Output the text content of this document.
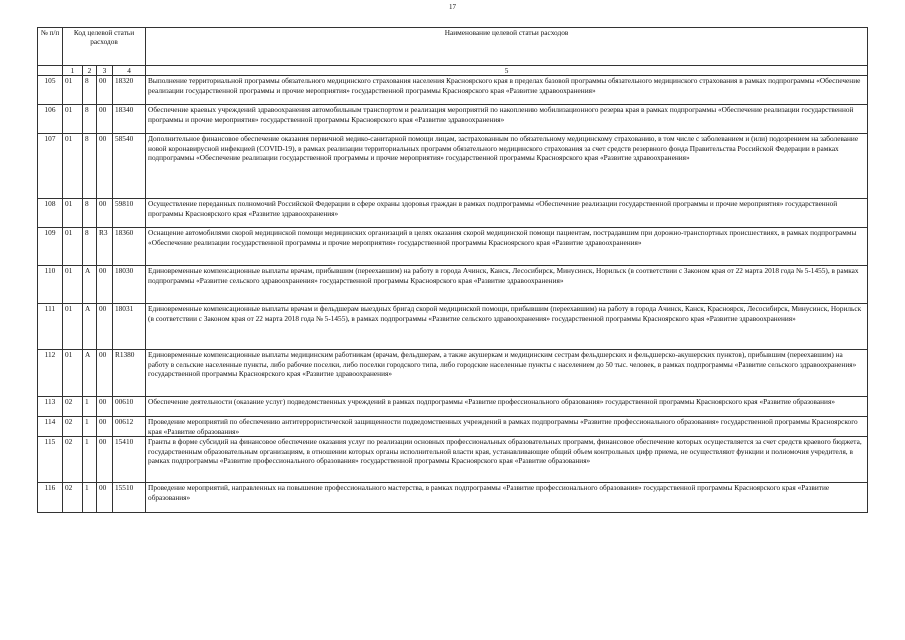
17
№ п/п	Код целевой статьи расходов				Наименование целевой статьи расходов
	1	2	3	4	5
105	01	8	00	18320	Выполнение территориальной программы обязательного медицинского страхования населения Красноярского края в пределах базовой программы обязательного медицинского страхования в рамках подпрограммы «Обеспечение реализации государственной программы и прочие мероприятия» государственной программы Красноярского края «Развитие здравоохранения»
106	01	8	00	18340	Обеспечение краевых учреждений здравоохранения автомобильным транспортом и реализация мероприятий по накоплению мобилизационного резерва края в рамках подпрограммы «Обеспечение реализации государственной программы и прочие мероприятия» государственной программы Красноярского края «Развитие здравоохранения»
107	01	8	00	58540	Дополнительное финансовое обеспечение оказания первичной медико-санитарной помощи лицам, застрахованным по обязательному медицинскому страхованию, в том числе с заболеванием и (или) подозрением на заболевание новой коронавирусной инфекцией (COVID-19), в рамках реализации территориальных программ обязательного медицинского страхования за счет средств резервного фонда Правительства Российской Федерации в рамках подпрограммы «Обеспечение реализации государственной программы и прочие мероприятия» государственной программы Красноярского края «Развитие здравоохранения»
108	01	8	00	59810	Осуществление переданных полномочий Российской Федерации в сфере охраны здоровья граждан в рамках подпрограммы «Обеспечение реализации государственной программы и прочие мероприятия» государственной программы Красноярского края «Развитие здравоохранения»
109	01	8	R3	18360	Оснащение автомобилями скорой медицинской помощи медицинских организаций в целях оказания скорой медицинской помощи пациентам, пострадавшим при дорожно-транспортных происшествиях, в рамках подпрограммы «Обеспечение реализации государственной программы и прочие мероприятия» государственной программы Красноярского края «Развитие здравоохранения»
110	01	А	00	18030	Единовременные компенсационные выплаты врачам, прибывшим (переехавшим) на работу в города Ачинск, Канск, Лесосибирск, Минусинск, Норильск (в соответствии с Законом края от 22 марта 2018 года № 5-1455), в рамках подпрограммы «Развитие сельского здравоохранения» государственной программы Красноярского края «Развитие здравоохранения»
111	01	А	00	18031	Единовременные компенсационные выплаты врачам и фельдшерам выездных бригад скорой медицинской помощи, прибывшим (переехавшим) на работу в города Ачинск, Канск, Красноярск, Лесосибирск, Минусинск, Норильск (в соответствии с Законом края от 22 марта 2018 года № 5-1455), в рамках подпрограммы «Развитие сельского здравоохранения» государственной программы Красноярского края «Развитие здравоохранения»
112	01	А	00	R1380	Единовременные компенсационные выплаты медицинским работникам (врачам, фельдшерам, а также акушеркам и медицинским сестрам фельдшерских и фельдшерско-акушерских пунктов), прибывшим (переехавшим) на работу в сельские населенные пункты, либо рабочие поселки, либо поселки городского типа, либо городские населенные пункты с населением до 50 тыс. человек, в рамках подпрограммы «Развитие сельского здравоохранения» государственной программы Красноярского края «Развитие здравоохранения»
113	02	1	00	00610	Обеспечение деятельности (оказание услуг) подведомственных учреждений в рамках подпрограммы «Развитие профессионального образования» государственной программы Красноярского края «Развитие образования»
114	02	1	00	00612	Проведение мероприятий по обеспечению антитеррористической защищенности подведомственных учреждений в рамках подпрограммы «Развитие профессионального образования» государственной программы Красноярского края «Развитие образования»
115	02	1	00	15410	Гранты в форме субсидий на финансовое обеспечение оказания услуг по реализации основных профессиональных образовательных программ, финансовое обеспечение которых осуществляется за счет средств краевого бюджета, государственным образовательным организациям, в отношении которых органы исполнительной власти края, устанавливающие общий объем контрольных цифр приема, не осуществляют функции и полномочия учредителя, в рамках подпрограммы «Развитие профессионального образования» государственной программы Красноярского края «Развитие образования»
116	02	1	00	15510	Проведение мероприятий, направленных на повышение профессионального мастерства, в рамках подпрограммы «Развитие профессионального образования» государственной программы Красноярского края «Развитие образования»
